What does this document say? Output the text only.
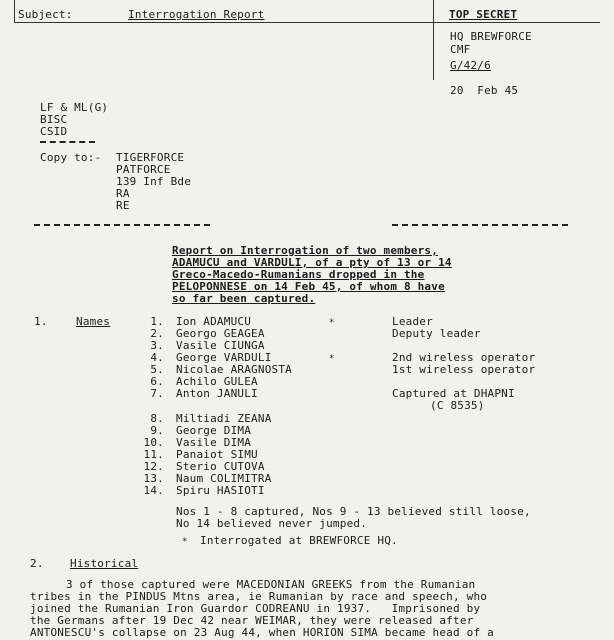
Subject:	Interrogation Report	TOP SECRET
HQ BREWFORCE
CMF
G/42/6
20  Feb 45
LF & ML(G)
BISC
CSID
Copy to:- TIGERFORCE
PATFORCE
139 Inf Bde
RA
RE
Report on Interrogation of two members,
ADAMUCU and VARDULI, of a pty of 13 or 14
Greco-Macedo-Rumanians dropped in the
PELOPONNESE on 14 Feb 45, of whom 8 have
so far been captured.
1.	Names	1. Ion ADAMUCU	*	Leader
2. Georgo GEAGEA	Deputy leader
3. Vasile CIUNGA
4. George VARDULI	*	2nd wireless operator
5. Nicolae ARAGNOSTA	1st wireless operator
6. Achilo GULEA
7. Anton JANULI	Captured at DHAPNI
(C 8535)
8. Miltiadi ZEANA
9. George DIMA
10. Vasile DIMA
11. Panaiot SIMU
12. Sterio CUTOVA
13. Naum COLIMITRA
14. Spiru HASIOTI
Nos 1 - 8 captured, Nos 9 - 13 believed still loose,
No 14 believed never jumped.
* Interrogated at BREWFORCE HQ.
2. Historical
3 of those captured were MACEDONIAN GREEKS from the Rumanian
tribes in the PINDUS Mtns area, ie Rumanian by race and speech, who
joined the Rumanian Iron Guardor CODREANU in 1937.   Imprisoned by
the Germans after 19 Dec 42 near WEIMAR, they were released after
ANTONESCU's collapse on 23 Aug 44, when HORION SIMA became head of a
